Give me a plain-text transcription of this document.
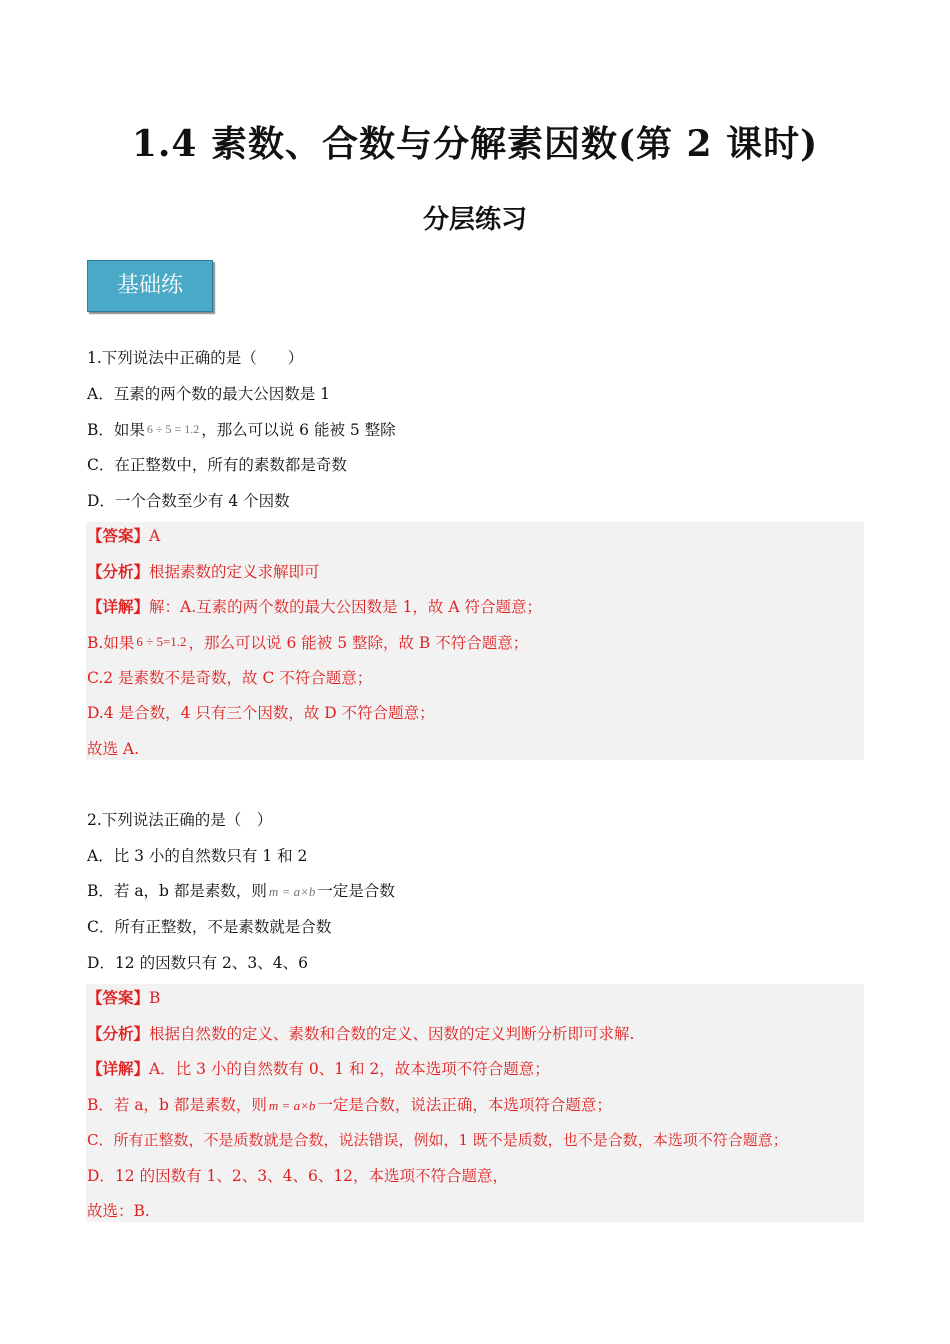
1.4 素数、合数与分解素因数(第 2 课时)
分层练习
基础练
1.下列说法中正确的是（　　）
A．互素的两个数的最大公因数是 1
B．如果 6 ÷ 5 = 1.2 ，那么可以说 6 能被 5 整除
C．在正整数中，所有的素数都是奇数
D．一个合数至少有 4 个因数
【答案】A
【分析】根据素数的定义求解即可
【详解】解：A.互素的两个数的最大公因数是 1，故 A 符合题意；
B.如果 6 ÷ 5=1.2 ，那么可以说 6 能被 5 整除，故 B 不符合题意；
C.2 是素数不是奇数，故 C 不符合题意；
D.4 是合数，4 只有三个因数，故 D 不符合题意；
故选 A.
2.下列说法正确的是（　）
A．比 3 小的自然数只有 1 和 2
B．若 a，b 都是素数，则 m = a×b 一定是合数
C．所有正整数，不是素数就是合数
D．12 的因数只有 2、3、4、6
【答案】B
【分析】根据自然数的定义、素数和合数的定义、因数的定义判断分析即可求解.
【详解】A．比 3 小的自然数有 0、1 和 2，故本选项不符合题意；
B．若 a，b 都是素数，则 m = a×b 一定是合数，说法正确，本选项符合题意；
C．所有正整数，不是质数就是合数，说法错误，例如，1 既不是质数，也不是合数，本选项不符合题意；
D．12 的因数有 1、2、3、4、6、12，本选项不符合题意，
故选：B.
